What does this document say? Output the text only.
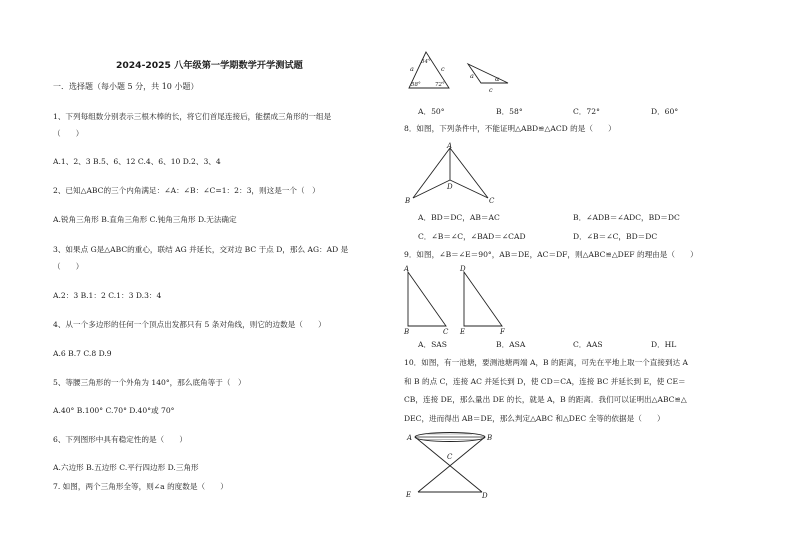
2024-2025 八年级第一学期数学开学测试题
一．选择题（每小题 5 分，共 10 小题）
1、下列每组数分别表示三根木棒的长，将它们首尾连接后，能摆成三角形的一组是
（　　）
A.1、2、3 B.5、6、12 C.4、6、10 D.2、3、4
2、已知△ABC的三个内角满足：∠A：∠B：∠C=1：2：3，则这是一个（　）
A.锐角三角形 B.直角三角形 C.钝角三角形 D.无法确定
3、如果点 G是△ABC的重心，联结 AG 并延长，交对边 BC 于点 D，那么 AG：AD 是
（　　）
A.2：3 B.1：2 C.1：3 D.3：4
4、从一个多边形的任何一个顶点出发都只有 5 条对角线，则它的边数是（　　）
A.6 B.7 C.8 D.9
5、等腰三角形的一个外角为 140°，那么底角等于（　）
A.40° B.100° C.70° D.40°或 70°
6、下列图形中具有稳定性的是（　　）
A.六边形 B.五边形 C.平行四边形 D.三角形
7. 如图，两个三角形全等，则∠a 的度数是（　　）
a	c
54°
58°	72°
a	α
c
A．50°	B．58°	C．72°	D．60°
8．如图，下列条件中，不能证明△ABD≌△ACD 的是（　　）
A
B	C
D
A．BD＝DC，AB＝AC	B．∠ADB＝∠ADC，BD＝DC
C．∠B＝∠C，∠BAD＝∠CAD	D．∠B＝∠C，BD＝DC
9．如图，∠B＝∠E＝90°，AB＝DE，AC＝DF，则△ABC≌△DEF 的理由是（　　）
A
B	C
D
E	F
A．SAS	B．ASA	C．AAS	D．HL
10．如图，有一池塘，要测池塘两端 A，B 的距离，可先在平地上取一个直接到达 A
和 B 的点 C，连接 AC 并延长到 D，使 CD＝CA，连接 BC 并延长到 E，使 CE＝
CB，连接 DE，那么量出 DE 的长，就是 A，B 的距离．我们可以证明出△ABC≌△
DEC，进而得出 AB＝DE，那么判定△ABC 和△DEC 全等的依据是（　　）
A	B
C
D
E
